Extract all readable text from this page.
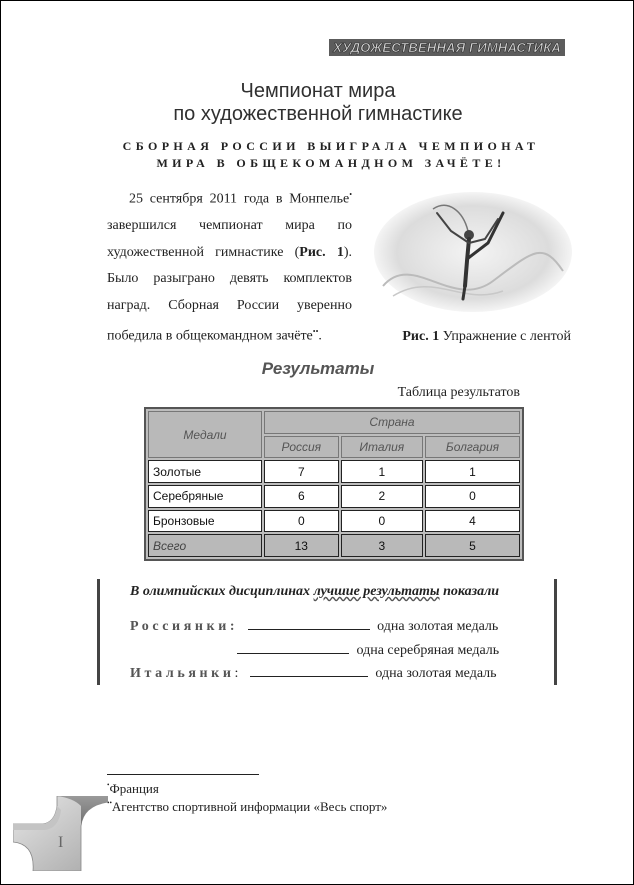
ХУДОЖЕСТВЕННАЯ ГИМНАСТИКА
Чемпионат мира
по художественной гимнастике
СБОРНАЯ РОССИИ ВЫИГРАЛА ЧЕМПИОНАТ
МИРА В ОБЩЕКОМАНДНОМ ЗАЧЁТЕ!
25 сентября 2011 года в Монпелье• завершился чемпионат мира по художественной гимнастике (Рис. 1). Было разыграно девять комплектов наград. Сборная России уверенно победила в общекомандном зачёте••.	Рис. 1 Упражнение с лентой
Результаты
Таблица результатов
Медали	Страна		
	Россия	Италия	Болгария
Золотые	7	1	1
Серебряные	6	2	0
Бронзовые	0	0	4
Всего	13	3	5
В олимпийских дисциплинах лучшие результаты показали
Россиянки:	одна золотая медаль
одна серебряная медаль
Итальянки:	одна золотая медаль
•Франция
••Агентство спортивной информации «Весь спорт»
I
